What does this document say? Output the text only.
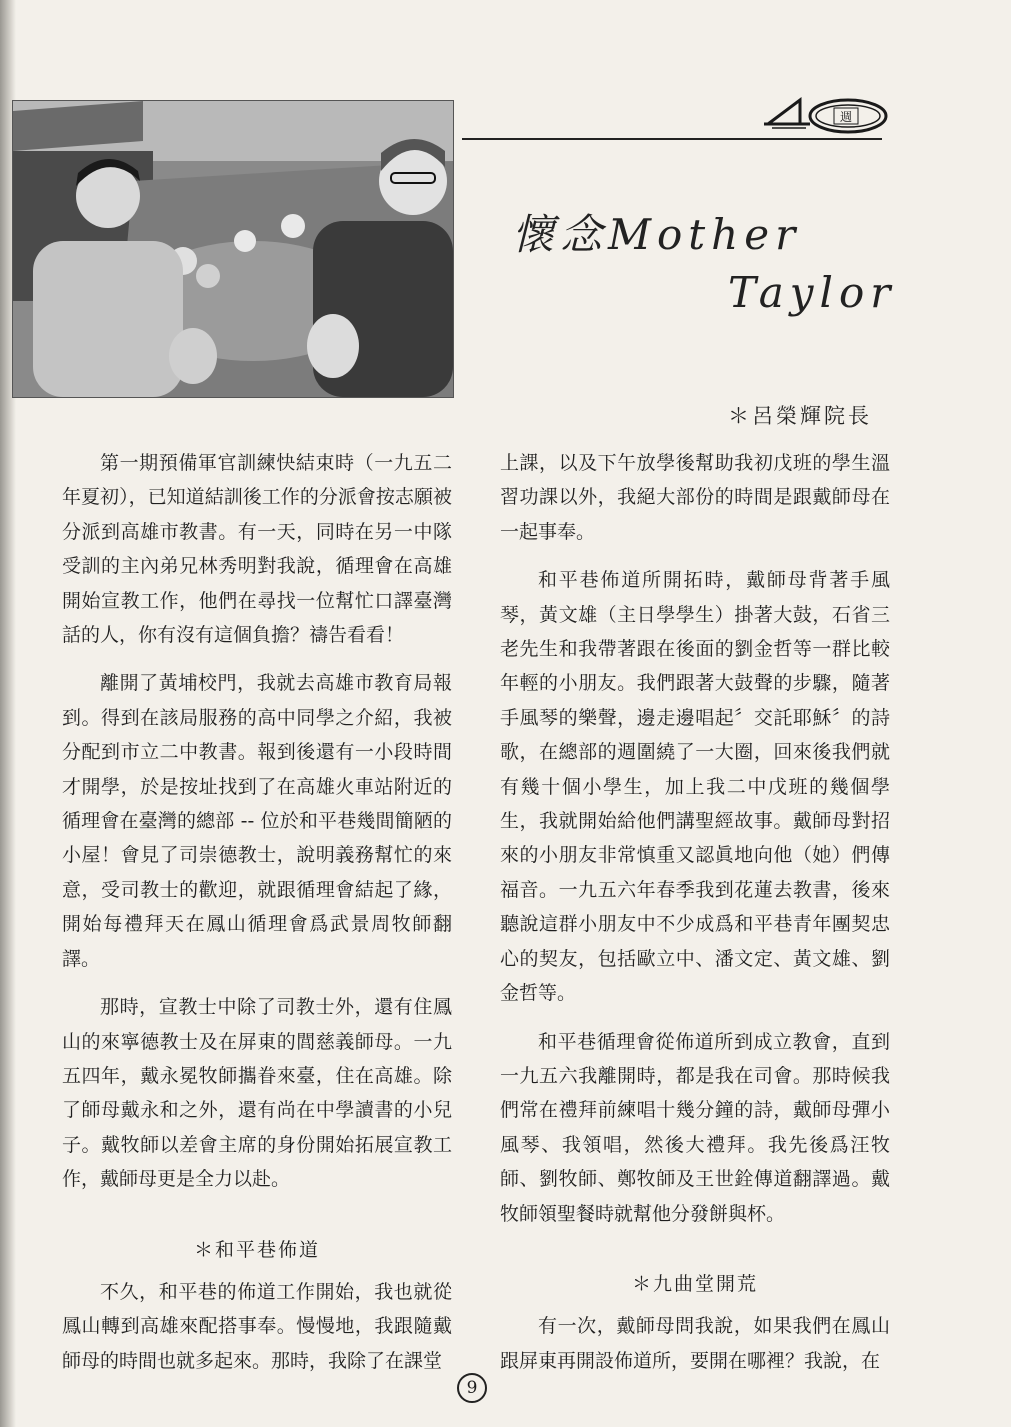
週
懷念Mother
Taylor
＊呂榮輝院長

第一期預備軍官訓練快結束時（一九五二年夏初），已知道結訓後工作的分派會按志願被分派到高雄市教書。有一天，同時在另一中隊受訓的主內弟兄林秀明對我說，循理會在高雄開始宣教工作，他們在尋找一位幫忙口譯臺灣話的人，你有沒有這個負擔？禱告看看！

離開了黃埔校門，我就去高雄市教育局報到。得到在該局服務的高中同學之介紹，我被分配到市立二中教書。報到後還有一小段時間才開學，於是按址找到了在高雄火車站附近的循理會在臺灣的總部 -- 位於和平巷幾間簡陋的小屋！會見了司崇德教士，說明義務幫忙的來意，受司教士的歡迎，就跟循理會結起了緣，開始每禮拜天在鳳山循理會爲武景周牧師翻譯。

那時，宣教士中除了司教士外，還有住鳳山的來寧德教士及在屏東的閭慈義師母。一九五四年，戴永冕牧師攜眷來臺，住在高雄。除了師母戴永和之外，還有尚在中學讀書的小兒子。戴牧師以差會主席的身份開始拓展宣教工作，戴師母更是全力以赴。

＊和平巷佈道

不久，和平巷的佈道工作開始，我也就從鳳山轉到高雄來配搭事奉。慢慢地，我跟隨戴師母的時間也就多起來。那時，我除了在課堂

上課，以及下午放學後幫助我初戊班的學生溫習功課以外，我絕大部份的時間是跟戴師母在一起事奉。

和平巷佈道所開拓時，戴師母背著手風琴，黃文雄（主日學學生）掛著大鼓，石省三老先生和我帶著跟在後面的劉金哲等一群比較年輕的小朋友。我們跟著大鼓聲的步驟，隨著手風琴的樂聲，邊走邊唱起〞交託耶穌〞的詩歌，在總部的週圍繞了一大圈，回來後我們就有幾十個小學生，加上我二中戊班的幾個學生，我就開始給他們講聖經故事。戴師母對招來的小朋友非常慎重又認眞地向他（她）們傳福音。一九五六年春季我到花蓮去教書，後來聽說這群小朋友中不少成爲和平巷青年團契忠心的契友，包括歐立中、潘文定、黃文雄、劉金哲等。

和平巷循理會從佈道所到成立教會，直到一九五六我離開時，都是我在司會。那時候我們常在禮拜前練唱十幾分鐘的詩，戴師母彈小風琴、我領唱，然後大禮拜。我先後爲汪牧師、劉牧師、鄭牧師及王世銓傳道翻譯過。戴牧師領聖餐時就幫他分發餅與杯。

＊九曲堂開荒

有一次，戴師母問我說，如果我們在鳳山跟屏東再開設佈道所，要開在哪裡？我說，在

9
